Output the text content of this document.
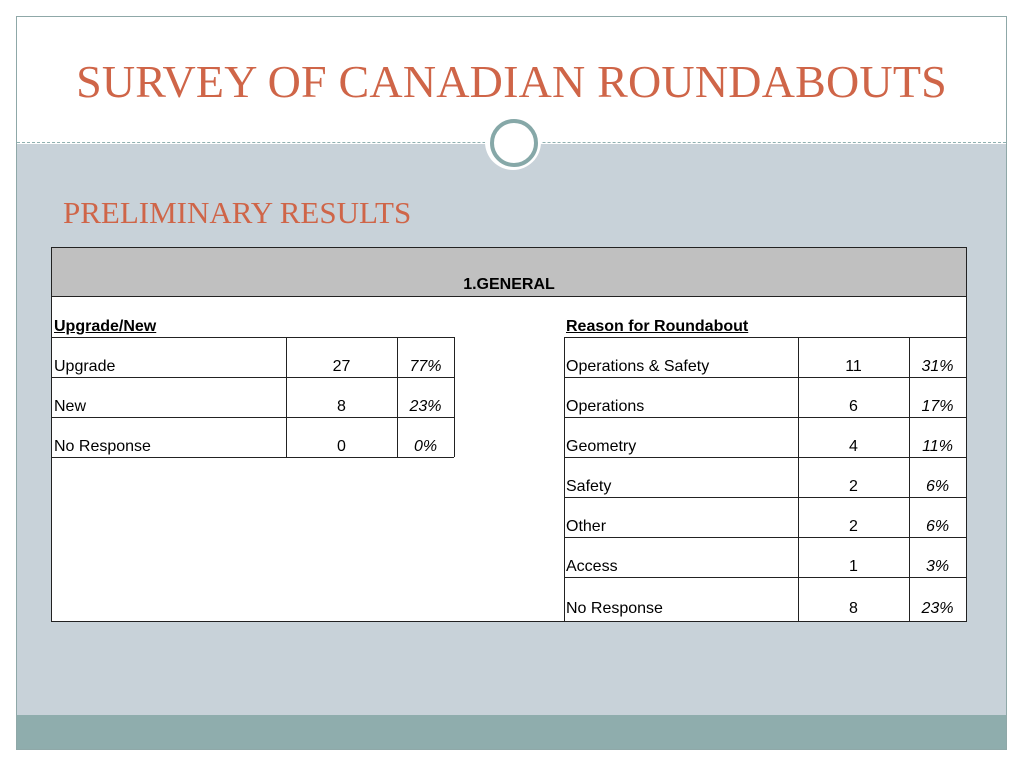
SURVEY OF CANADIAN ROUNDABOUTS
PRELIMINARY RESULTS
1.GENERAL
Upgrade/New	Reason for Roundabout
Upgrade	27	77%
New	8	23%
No Response	0	0%
Operations & Safety	11	31%
Operations	6	17%
Geometry	4	11%
Safety	2	6%
Other	2	6%
Access	1	3%
No Response	8	23%
